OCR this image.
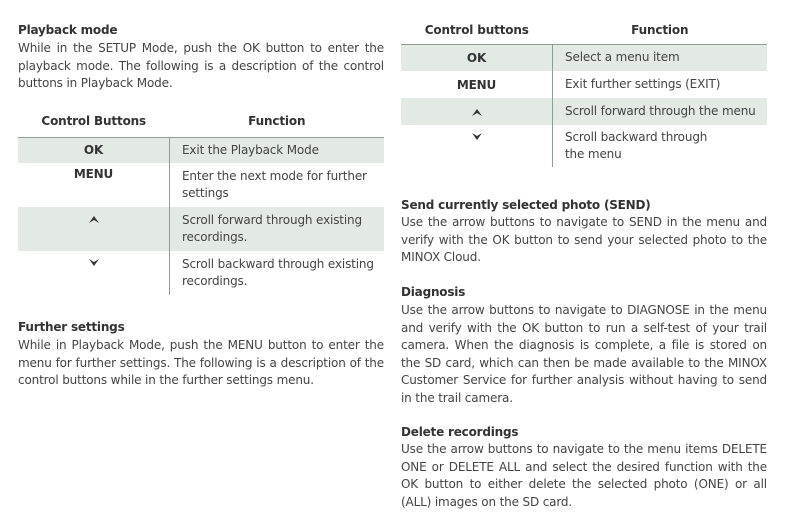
Playback mode

While in the SETUP Mode, push the OK button to enter the playback mode. The following is a description of the control buttons in Playback Mode.

Control Buttons	Function
OK	Exit the Playback Mode
MENU	Enter the next mode for further settings
	Scroll forward through existing recordings.
	Scroll backward through existing recordings.
Further settings

While in Playback Mode, push the MENU button to enter the menu for further settings. The following is a description of the control buttons while in the further settings menu.

Control buttons	Function
OK	Select a menu item
MENU	Exit further settings (EXIT)
	Scroll forward through the menu
	Scroll backward through the menu
Send currently selected photo (SEND)

Use the arrow buttons to navigate to SEND in the menu and verify with the OK button to send your selected photo to the MINOX Cloud.

Diagnosis

Use the arrow buttons to navigate to DIAGNOSE in the menu and verify with the OK button to run a self-test of your trail camera. When the diagnosis is complete, a file is stored on the SD card, which can then be made available to the MINOX Customer Service for further analysis without having to send in the trail camera.

Delete recordings

Use the arrow buttons to navigate to the menu items DELETE ONE or DELETE ALL and select the desired function with the OK button to either delete the selected photo (ONE) or all (ALL) images on the SD card.
